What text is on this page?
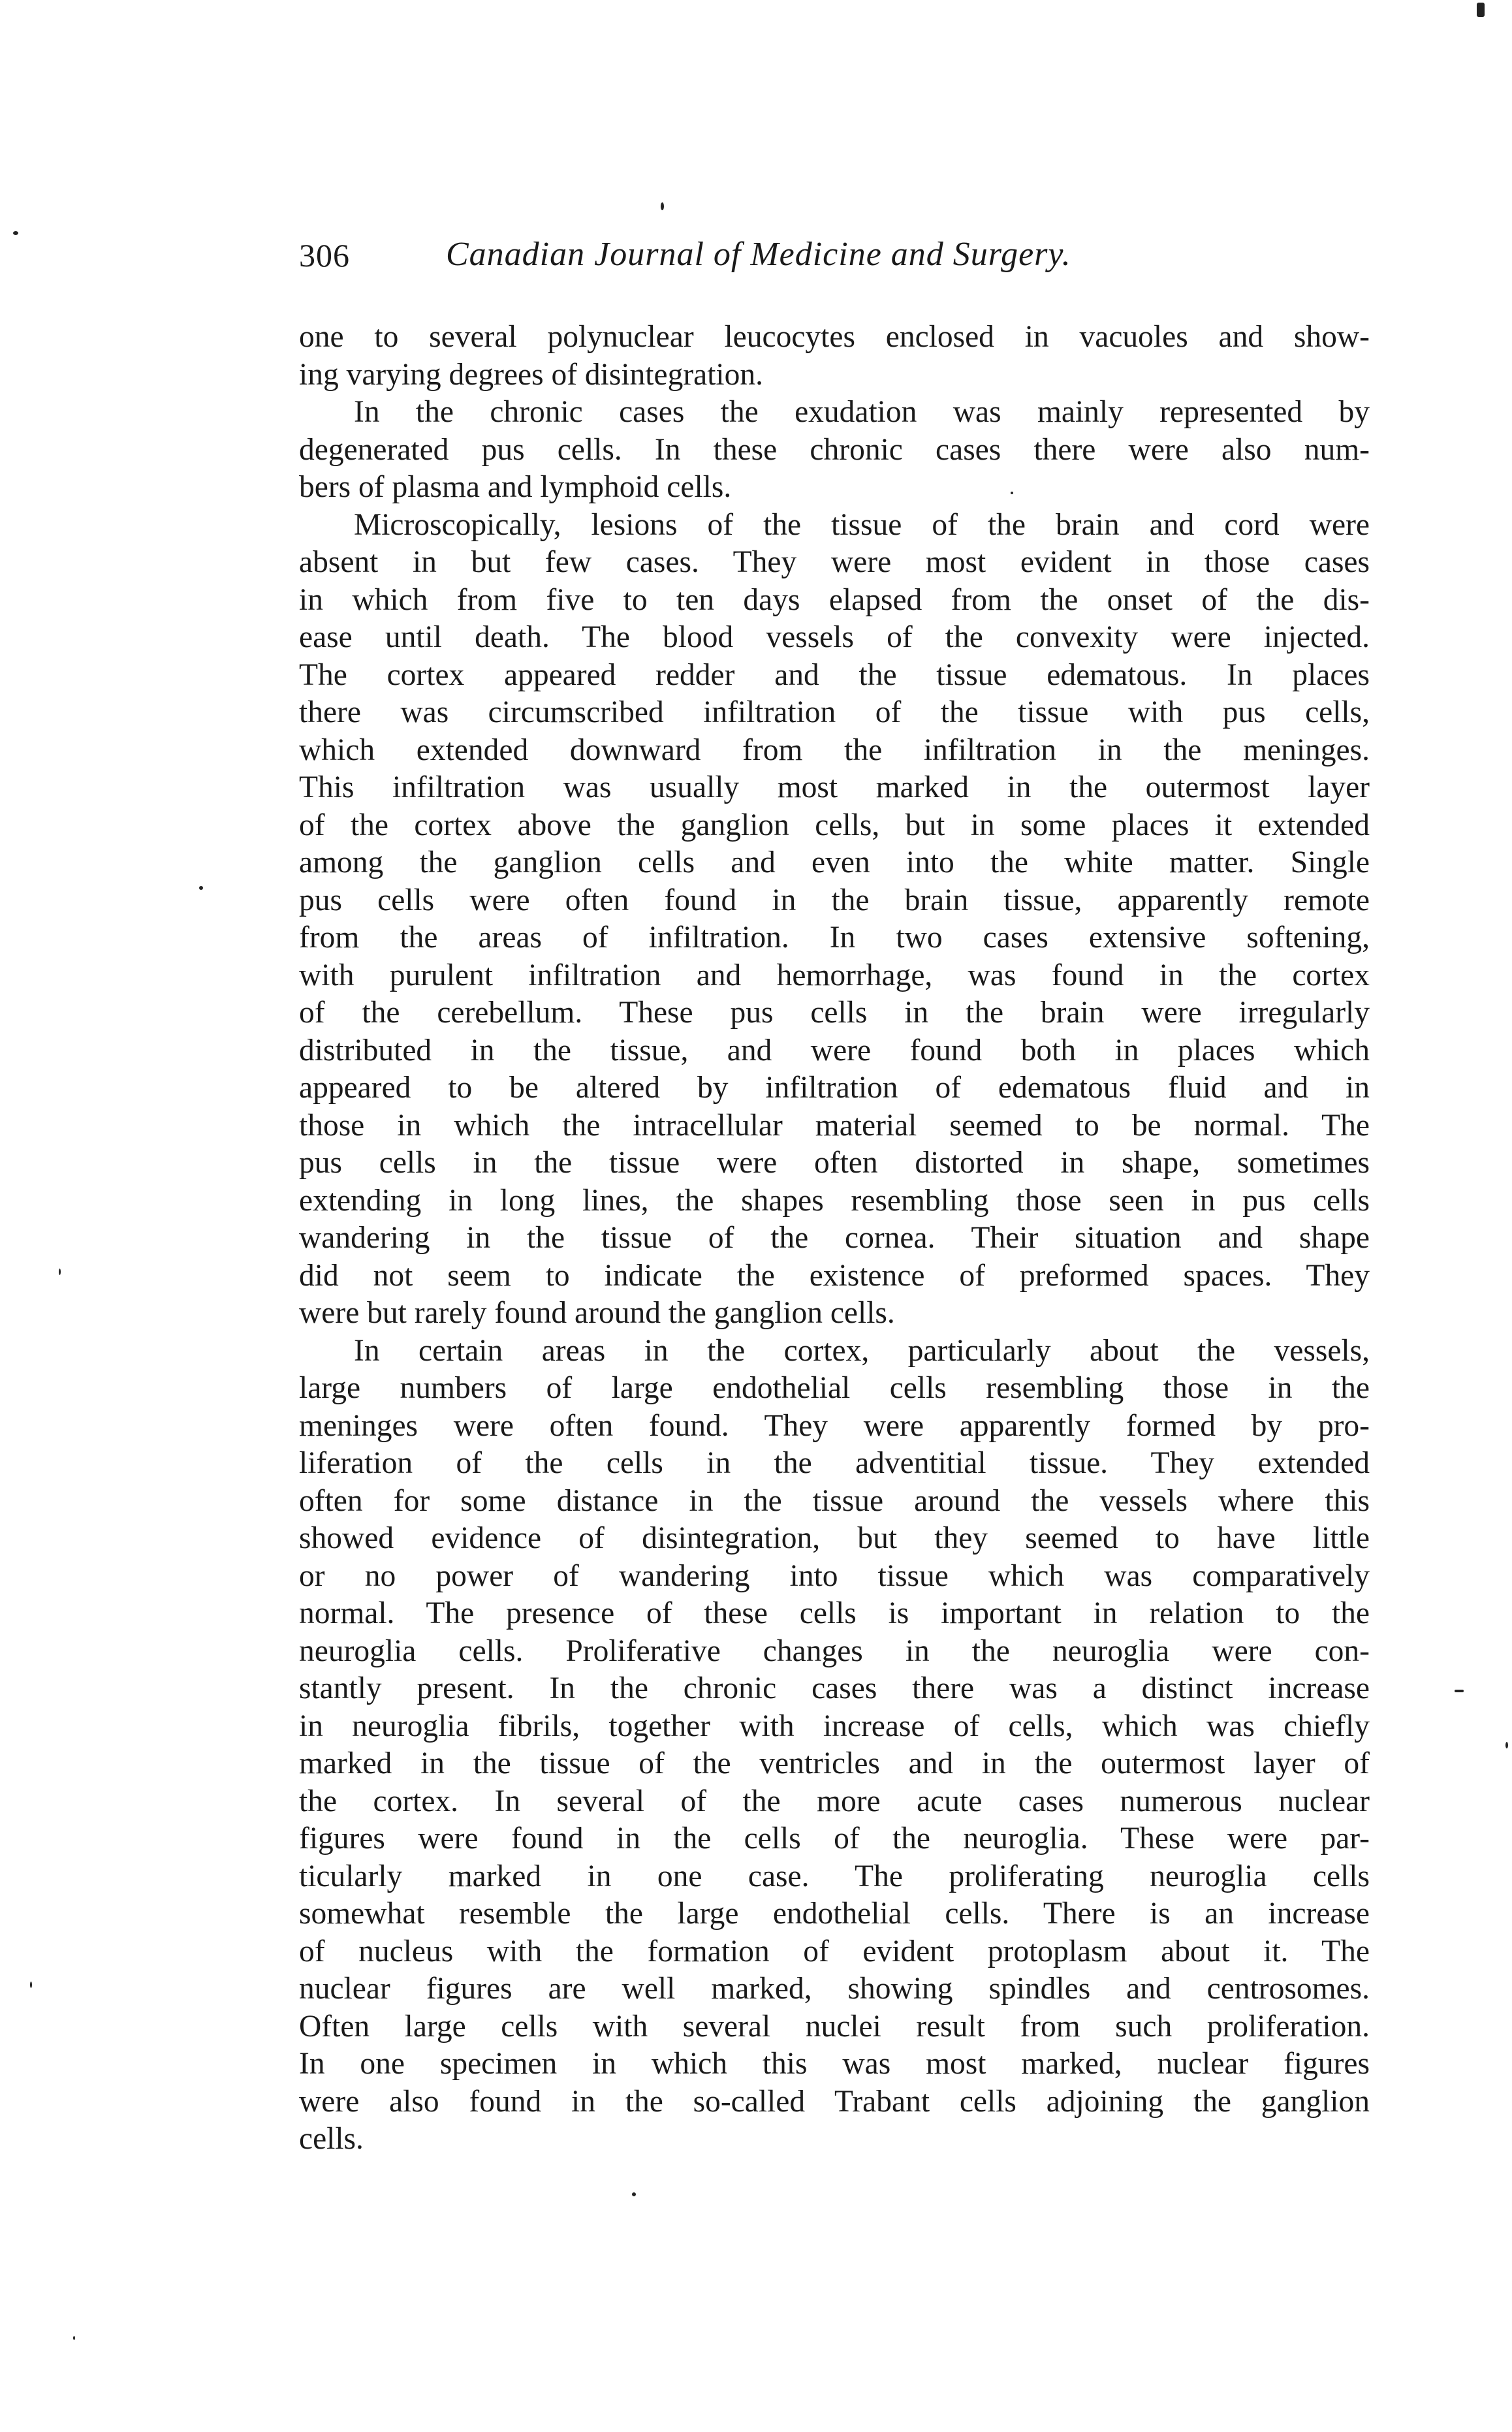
306	Canadian Journal of Medicine and Surgery.
one to several polynuclear leucocytes enclosed in vacuoles and show-
ing varying degrees of disintegration.
In the chronic cases the exudation was mainly represented by
degenerated pus cells. In these chronic cases there were also num-
bers of plasma and lymphoid cells.
Microscopically, lesions of the tissue of the brain and cord were
absent in but few cases. They were most evident in those cases
in which from five to ten days elapsed from the onset of the dis-
ease until death. The blood vessels of the convexity were injected.
The cortex appeared redder and the tissue edematous. In places
there was circumscribed infiltration of the tissue with pus cells,
which extended downward from the infiltration in the meninges.
This infiltration was usually most marked in the outermost layer
of the cortex above the ganglion cells, but in some places it extended
among the ganglion cells and even into the white matter. Single
pus cells were often found in the brain tissue, apparently remote
from the areas of infiltration. In two cases extensive softening,
with purulent infiltration and hemorrhage, was found in the cortex
of the cerebellum. These pus cells in the brain were irregularly
distributed in the tissue, and were found both in places which
appeared to be altered by infiltration of edematous fluid and in
those in which the intracellular material seemed to be normal. The
pus cells in the tissue were often distorted in shape, sometimes
extending in long lines, the shapes resembling those seen in pus cells
wandering in the tissue of the cornea. Their situation and shape
did not seem to indicate the existence of preformed spaces. They
were but rarely found around the ganglion cells.
In certain areas in the cortex, particularly about the vessels,
large numbers of large endothelial cells resembling those in the
meninges were often found. They were apparently formed by pro-
liferation of the cells in the adventitial tissue. They extended
often for some distance in the tissue around the vessels where this
showed evidence of disintegration, but they seemed to have little
or no power of wandering into tissue which was comparatively
normal. The presence of these cells is important in relation to the
neuroglia cells. Proliferative changes in the neuroglia were con-
stantly present. In the chronic cases there was a distinct increase
in neuroglia fibrils, together with increase of cells, which was chiefly
marked in the tissue of the ventricles and in the outermost layer of
the cortex. In several of the more acute cases numerous nuclear
figures were found in the cells of the neuroglia. These were par-
ticularly marked in one case. The proliferating neuroglia cells
somewhat resemble the large endothelial cells. There is an increase
of nucleus with the formation of evident protoplasm about it. The
nuclear figures are well marked, showing spindles and centrosomes.
Often large cells with several nuclei result from such proliferation.
In one specimen in which this was most marked, nuclear figures
were also found in the so-called Trabant cells adjoining the ganglion
cells.
